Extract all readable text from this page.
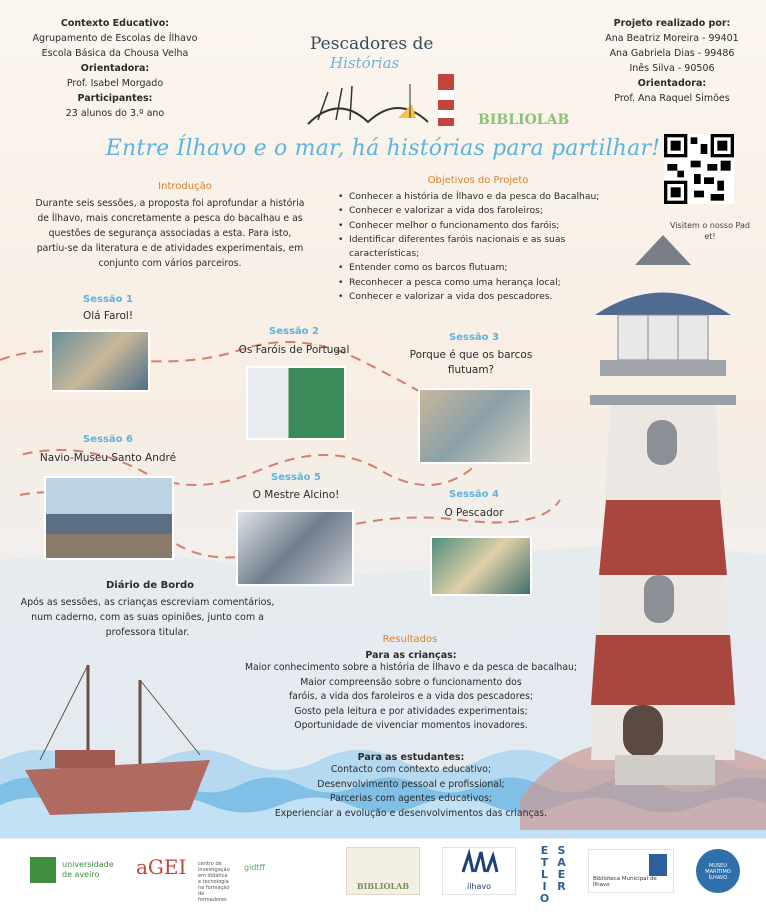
Contexto Educativo:
Agrupamento de Escolas de Ílhavo
Escola Básica da Chousa Velha
Orientadora:
Prof. Isabel Morgado
Participantes:
23 alunos do 3.º ano
Projeto realizado por:
Ana Beatriz Moreira - 99401
Ana Gabriela Dias - 99486
Inês Silva - 90506
Orientadora:
Prof. Ana Raquel Simões
Pescadores de
Histórias
BIBLIOLAB
Entre Ílhavo e o mar, há histórias para partilhar!
Visitem o nosso Pad et!
Introdução
Durante seis sessões, a proposta foi aprofundar a história de Ílhavo, mais concretamente a pesca do bacalhau e as questões de segurança associadas a esta. Para isto, partiu-se da literatura e de atividades experimentais, em conjunto com vários parceiros.
Objetivos do Projeto
• Conhecer a história de Ílhavo e da pesca do Bacalhau;
• Conhecer e valorizar a vida dos faroleiros;
• Conhecer melhor o funcionamento dos faróis;
• Identificar diferentes faróis nacionais e as suas características;
• Entender como os barcos flutuam;
• Reconhecer a pesca como uma herança local;
• Conhecer e valorizar a vida dos pescadores.
Sessão 1
Olá Farol!
Sessão 2
Os Faróis de Portugal
Sessão 3
Porque é que os barcos flutuam?
Sessão 6
Navio-Museu Santo André
Sessão 5
O Mestre Alcino!	Sessão 4
O Pescador
Diário de Bordo
Após as sessões, as crianças escreviam comentários, num caderno, com as suas opiniões, junto com a professora titular.
Resultados
Para as crianças:
Maior conhecimento sobre a história de Ílhavo e da pesca de bacalhau;
Maior compreensão sobre o funcionamento dos
faróis, a vida dos faroleiros e a vida dos pescadores;
Gosto pela leitura e por atividades experimentais;
Oportunidade de vivenciar momentos inovadores.
Para as estudantes:
Contacto com contexto educativo;
Desenvolvimento pessoal e profissional;
Parcerias com agentes educativos;
Experienciar a evolução e desenvolvimentos das crianças.
universidade de aveiro	aGEI centro de investigação em didática e tecnologia na formação de formadores
gidtff
BIBLIOLAB	ílhavo
E S
T A
L E
I R
O
Biblioteca Municipal de Ílhavo
MUSEU MARÍTIMO ÍLHAVO
